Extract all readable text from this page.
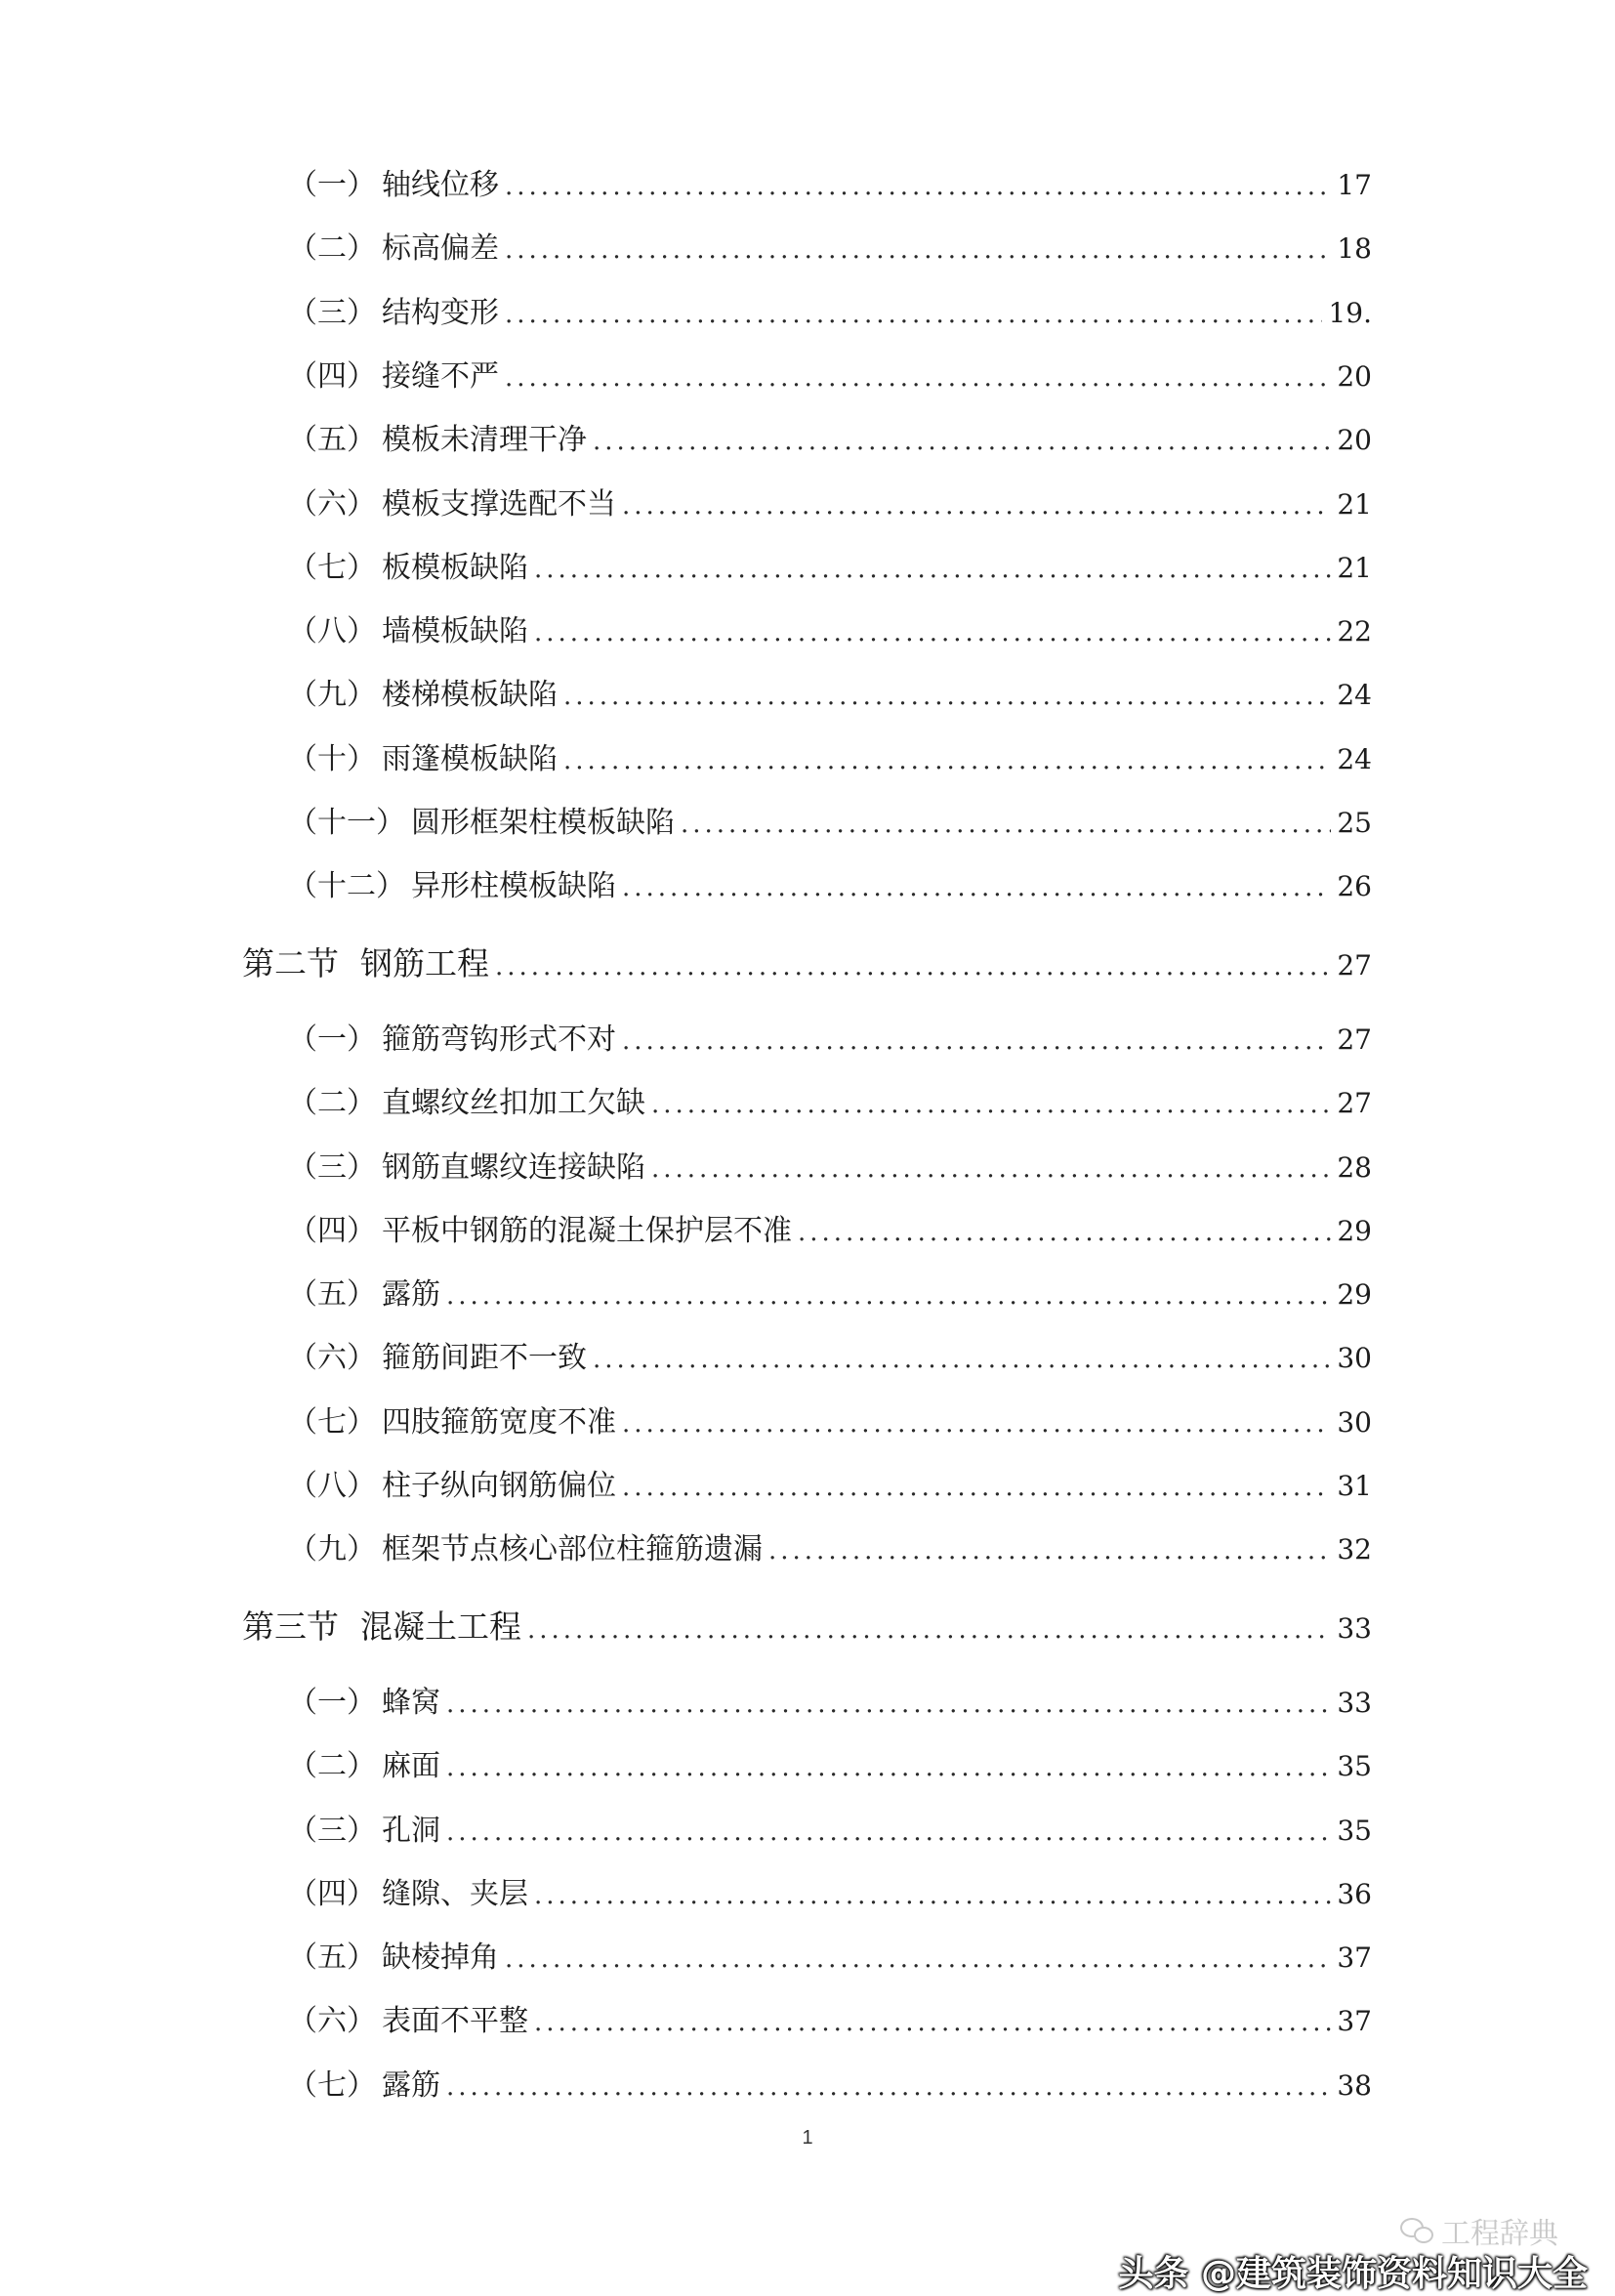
（一） 轴线位移 .....	17
（二） 标高偏差 .....	18
（三） 结构变形 .....	19.
（四） 接缝不严 .....	20
（五） 模板未清理干净 .....	20
（六） 模板支撑选配不当 .....	21
（七） 板模板缺陷 .....	21
（八） 墙模板缺陷 .....	22
（九） 楼梯模板缺陷 .....	24
（十） 雨篷模板缺陷 .....	24
（十一） 圆形框架柱模板缺陷 .....	25
（十二） 异形柱模板缺陷 .....	26
第二节 钢筋工程 .....	27
（一） 箍筋弯钩形式不对 .....	27
（二） 直螺纹丝扣加工欠缺 .....	27
（三） 钢筋直螺纹连接缺陷 .....	28
（四） 平板中钢筋的混凝土保护层不准 .....	29
（五） 露筋 .....	29
（六） 箍筋间距不一致 .....	30
（七） 四肢箍筋宽度不准 .....	30
（八） 柱子纵向钢筋偏位 .....	31
（九） 框架节点核心部位柱箍筋遗漏 .....	32
第三节 混凝土工程 .....	33
（一） 蜂窝 .....	33
（二） 麻面 .....	35
（三） 孔洞 .....	35
（四） 缝隙、夹层 .....	36
（五） 缺棱掉角 .....	37
（六） 表面不平整 .....	37
（七） 露筋 .....	38
1
工程辞典
头条 @建筑装饰资料知识大全
